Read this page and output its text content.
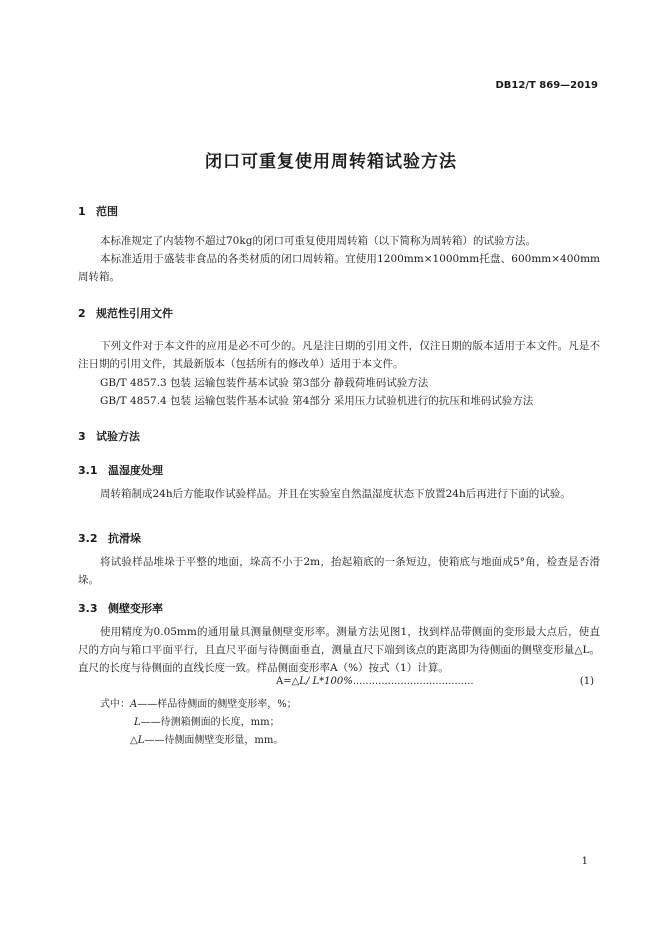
DB12/T 869—2019
闭口可重复使用周转箱试验方法
1 范围
本标准规定了内装物不超过70kg的闭口可重复使用周转箱（以下简称为周转箱）的试验方法。
本标准适用于盛装非食品的各类材质的闭口周转箱。宜使用1200mm×1000mm托盘、600mm×400mm周转箱。
2 规范性引用文件
下列文件对于本文件的应用是必不可少的。凡是注日期的引用文件，仅注日期的版本适用于本文件。凡是不注日期的引用文件，其最新版本（包括所有的修改单）适用于本文件。
GB/T 4857.3 包装 运输包装件基本试验 第3部分 静载荷堆码试验方法
GB/T 4857.4 包装 运输包装件基本试验 第4部分 采用压力试验机进行的抗压和堆码试验方法
3 试验方法
3.1 温湿度处理
周转箱制成24h后方能取作试验样品。并且在实验室自然温湿度状态下放置24h后再进行下面的试验。
3.2 抗滑垛
将试验样品堆垛于平整的地面，垛高不小于2m，抬起箱底的一条短边，使箱底与地面成5°角，检查是否滑垛。
3.3 侧壁变形率
使用精度为0.05mm的通用量具测量侧壁变形率。测量方法见图1，找到样品带侧面的变形最大点后，使直尺的方向与箱口平面平行，且直尺平面与待侧面垂直，测量直尺下端到该点的距离即为待侧面的侧壁变形量△L。直尺的长度与待侧面的直线长度一致。样品侧面变形率A（%）按式（1）计算。
A=△L/ L*100%......................................	(1)
式中：A——样品待侧面的侧壁变形率，%；
L——待测箱侧面的长度，mm；
△L——待侧面侧壁变形量，mm。
1
